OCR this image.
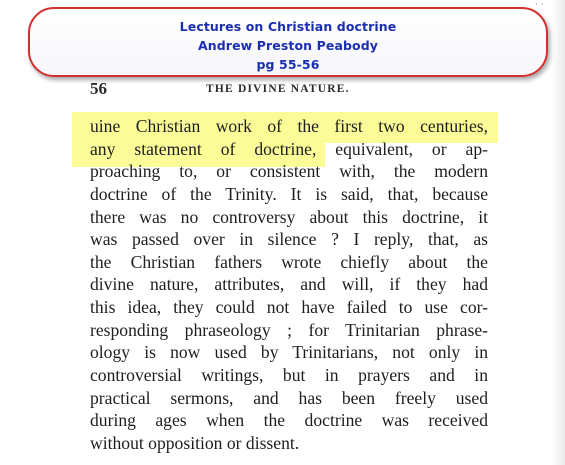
· ·
Lectures on Christian doctrine
Andrew Preston Peabody
pg 55-56
56	THE DIVINE NATURE.
uine Christian work of the first two centuries,
any statement of doctrine, equivalent, or ap-
proaching to, or consistent with, the modern
doctrine of the Trinity. It is said, that, because
there was no controversy about this doctrine, it
was passed over in silence ? I reply, that, as
the Christian fathers wrote chiefly about the
divine nature, attributes, and will, if they had
this idea, they could not have failed to use cor-
responding phraseology ; for Trinitarian phrase-
ology is now used by Trinitarians, not only in
controversial writings, but in prayers and in
practical sermons, and has been freely used
during ages when the doctrine was received
without opposition or dissent.
